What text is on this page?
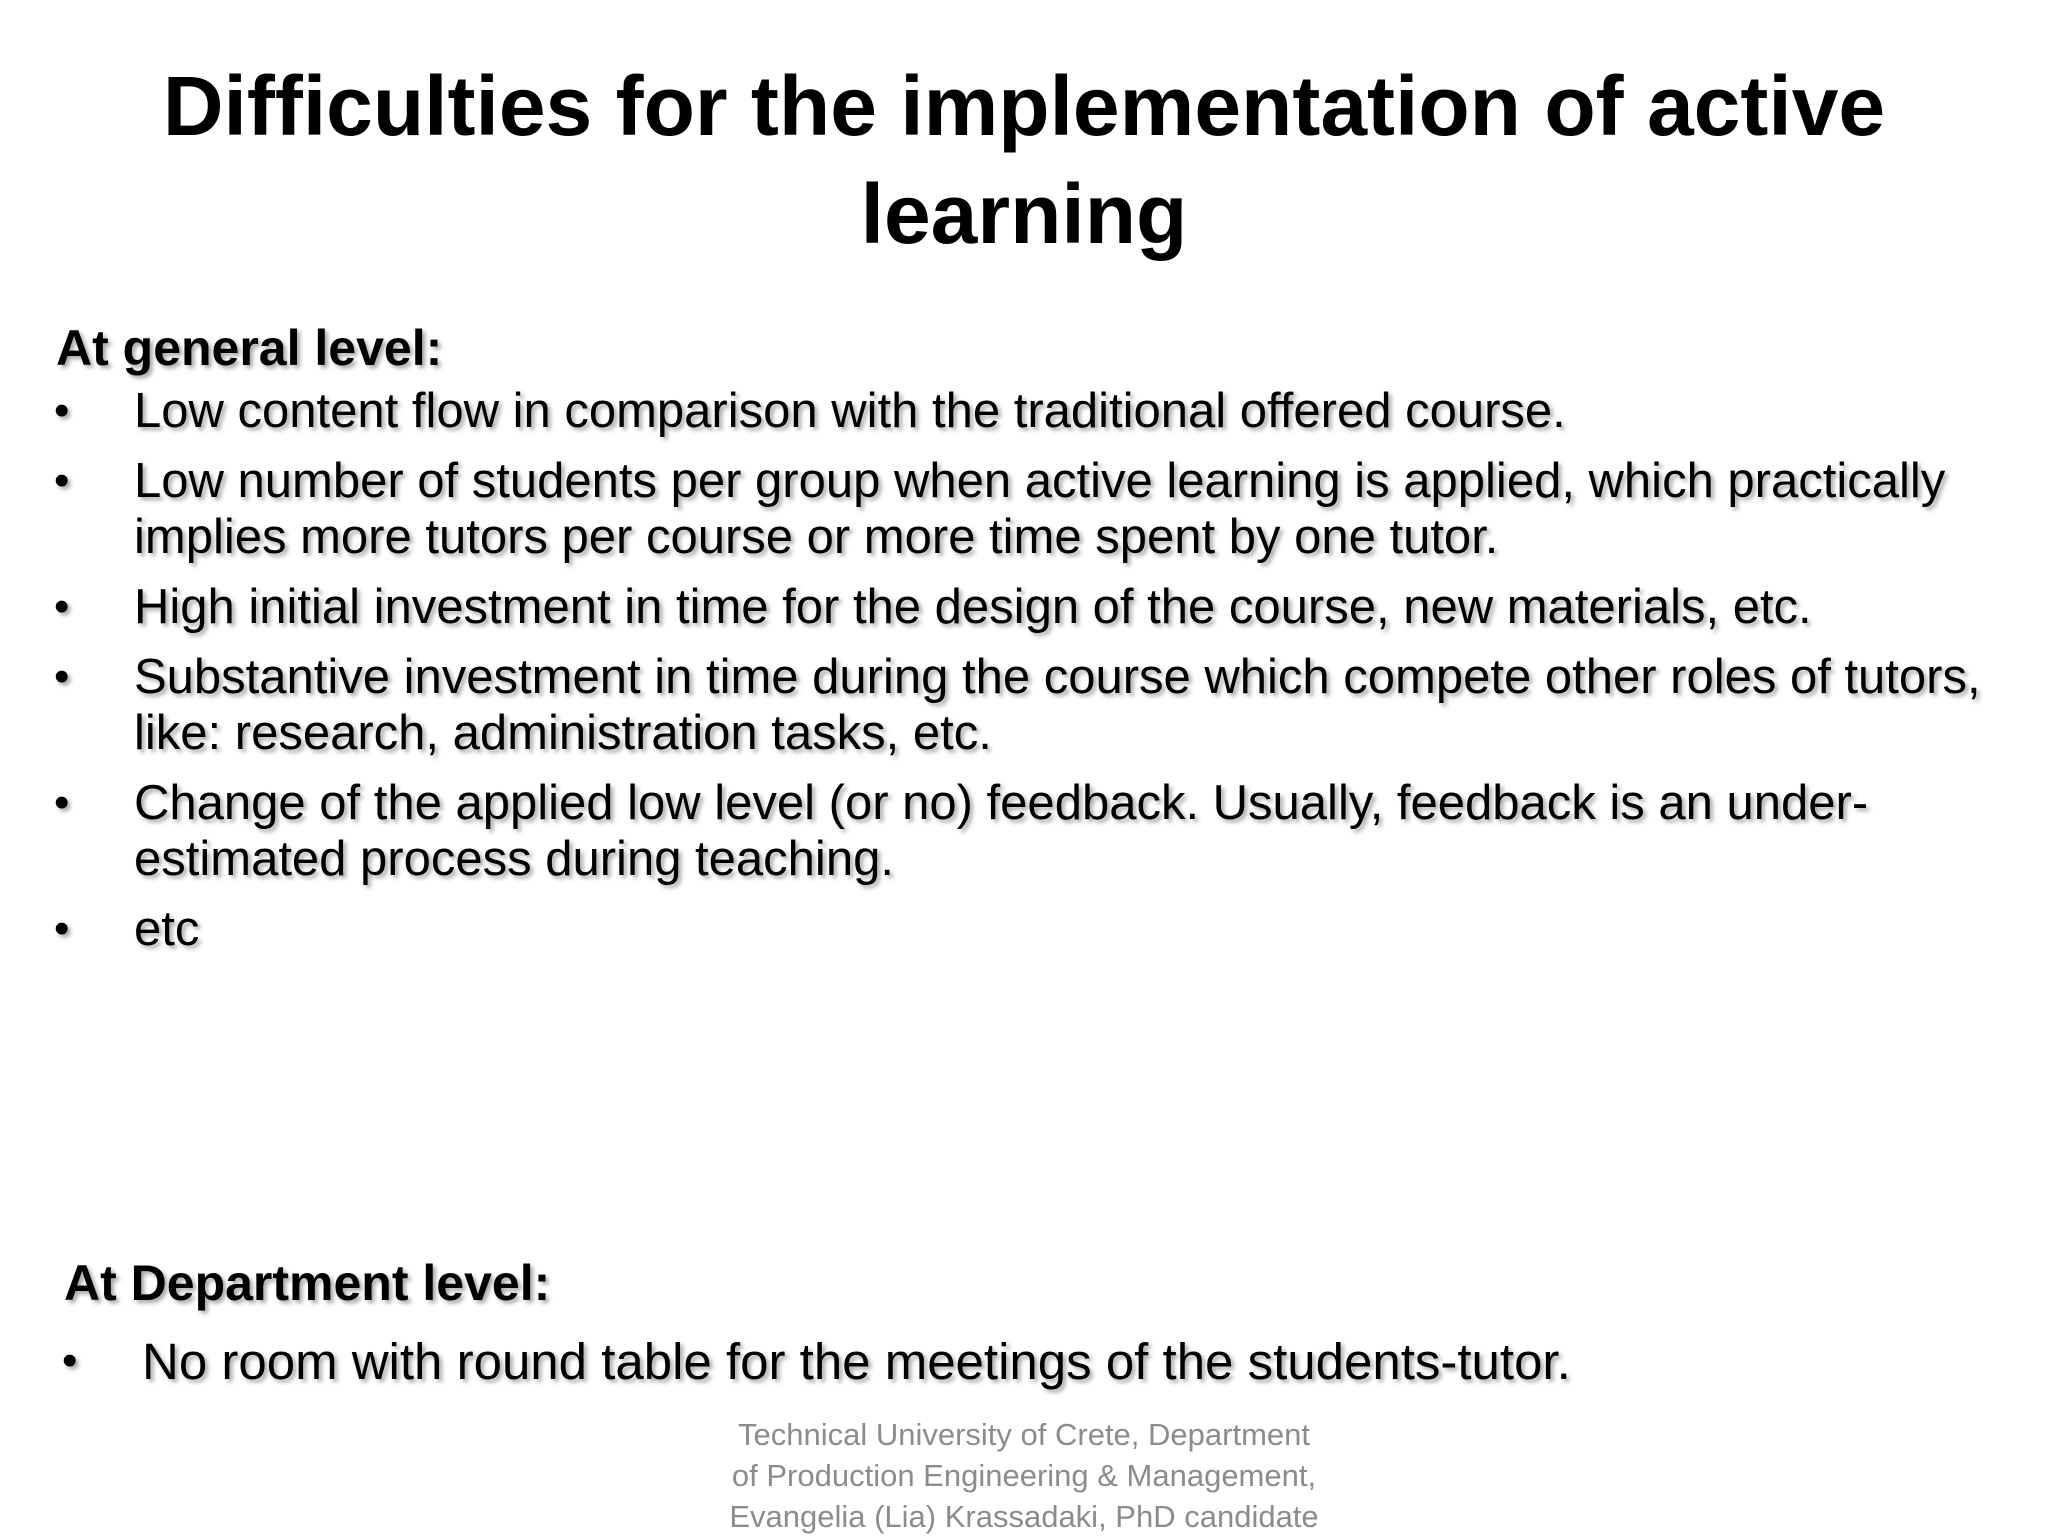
Difficulties for the implementation of active learning
At general level:
• Low content flow in comparison with the traditional offered course.
• Low number of students per group when active learning is applied, which practically implies more tutors per course or more time spent by one tutor.
• High initial investment in time for the design of the course, new materials, etc.
• Substantive investment in time during the course which compete other roles of tutors, like: research, administration tasks, etc.
• Change of the applied low level (or no) feedback. Usually, feedback is an under-estimated process during teaching.
• etc
At Department level:
• No room with round table for the meetings of the students-tutor.
Technical University of Crete, Department
of Production Engineering & Management,
Evangelia (Lia) Krassadaki, PhD candidate
